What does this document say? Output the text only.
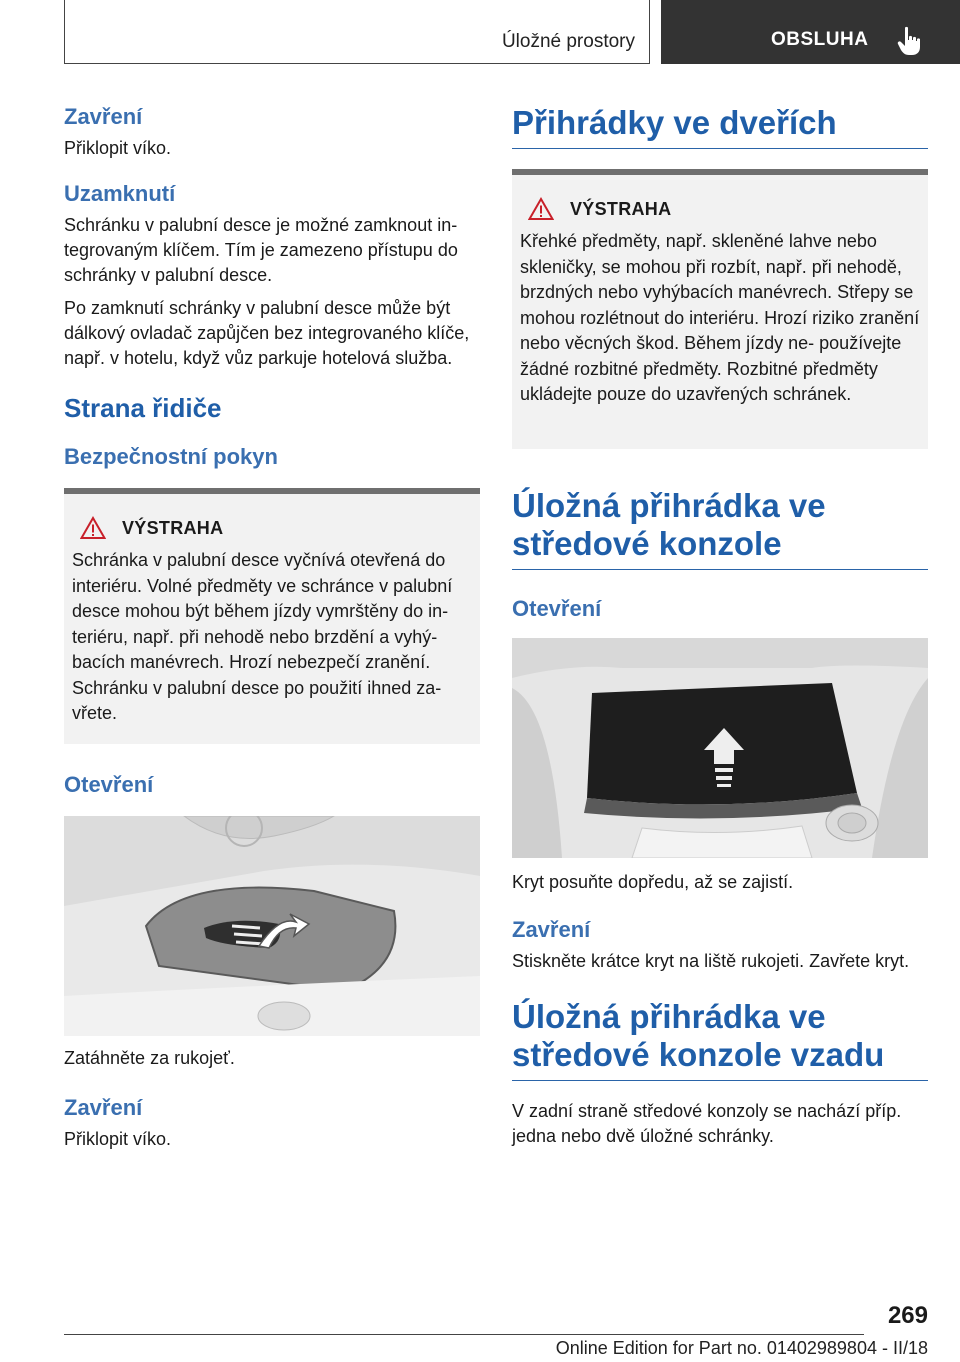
Úložné prostory	OBSLUHA
Zavření

Přiklopit víko.

Uzamknutí

Schránku v palubní desce je možné zamknout in‐ tegrovaným klíčem. Tím je zamezeno přístupu do schránky v palubní desce.

Po zamknutí schránky v palubní desce může být dálkový ovladač zapůjčen bez integrovaného klíče, např. v hotelu, když vůz parkuje hotelová služba.

Strana řidiče
Bezpečnostní pokyn
VÝSTRAHA

Schránka v palubní desce vyčnívá otevřená do interiéru. Volné předměty ve schránce v palubní desce mohou být během jízdy vymrštěny do in‐ teriéru, např. při nehodě nebo brzdění a vyhý‐ bacích manévrech. Hrozí nebezpečí zranění. Schránku v palubní desce po použití ihned za‐ vřete.

Otevření

Zatáhněte za rukojeť.

Zavření

Přiklopit víko.

Přihrádky ve dveřích
VÝSTRAHA

Křehké předměty, např. skleněné lahve nebo skleničky, se mohou při rozbít, např. při nehodě, brzdných nebo vyhýbacích manévrech. Střepy se mohou rozlétnout do interiéru. Hrozí riziko zranění nebo věcných škod. Během jízdy ne‐ používejte žádné rozbitné předměty. Rozbitné předměty ukládejte pouze do uzavřených schránek.

Úložná přihrádka ve středové konzole
Otevření

Kryt posuňte dopředu, až se zajistí.

Zavření

Stiskněte krátce kryt na liště rukojeti. Zavřete kryt.

Úložná přihrádka ve středové konzole vzadu

V zadní straně středové konzoly se nachází příp. jedna nebo dvě úložné schránky.

269
Online Edition for Part no. 01402989804 - II/18
